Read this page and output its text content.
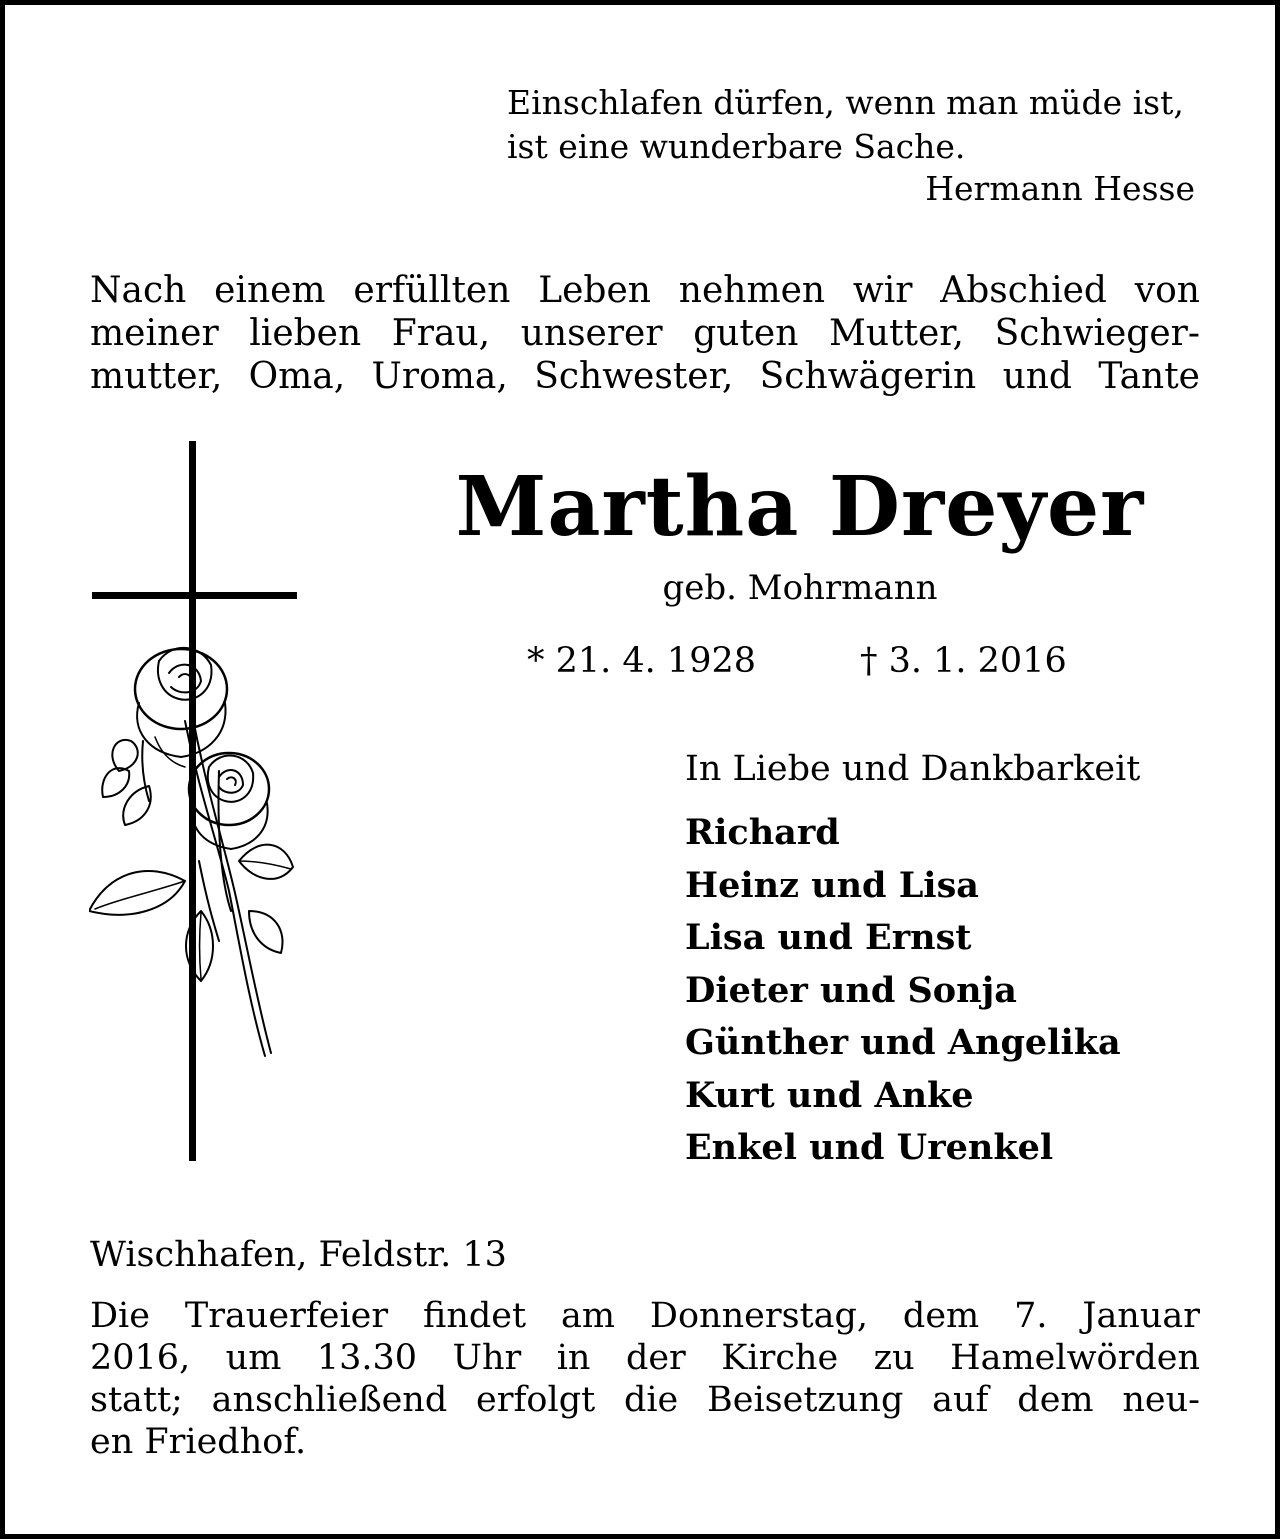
Einschlafen dürfen, wenn man müde ist,
ist eine wunderbare Sache.
Hermann Hesse
Nach einem erfüllten Leben nehmen wir Abschied von
meiner lieben Frau, unserer guten Mutter, Schwieger-
mutter, Oma, Uroma, Schwester, Schwägerin und Tante
Martha Dreyer
geb. Mohrmann
* 21. 4. 1928	† 3. 1. 2016
In Liebe und Dankbarkeit
Richard
Heinz und Lisa
Lisa und Ernst
Dieter und Sonja
Günther und Angelika
Kurt und Anke
Enkel und Urenkel
Wischhafen, Feldstr. 13
Die Trauerfeier findet am Donnerstag, dem 7. Januar
2016, um 13.30 Uhr in der Kirche zu Hamelwörden
statt; anschließend erfolgt die Beisetzung auf dem neu-
en Friedhof.
